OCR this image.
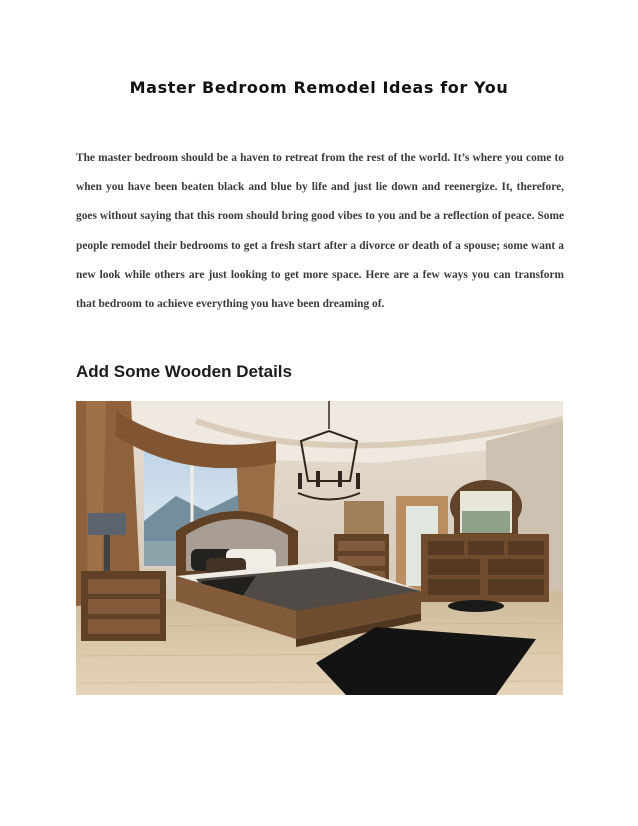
Master Bedroom Remodel Ideas for You

The master bedroom should be a haven to retreat from the rest of the world. It’s where you come to when you have been beaten black and blue by life and just lie down and reenergize. It, therefore, goes without saying that this room should bring good vibes to you and be a reflection of peace. Some people remodel their bedrooms to get a fresh start after a divorce or death of a spouse; some want a new look while others are just looking to get more space. Here are a few ways you can transform that bedroom to achieve everything you have been dreaming of.

Add Some Wooden Details
